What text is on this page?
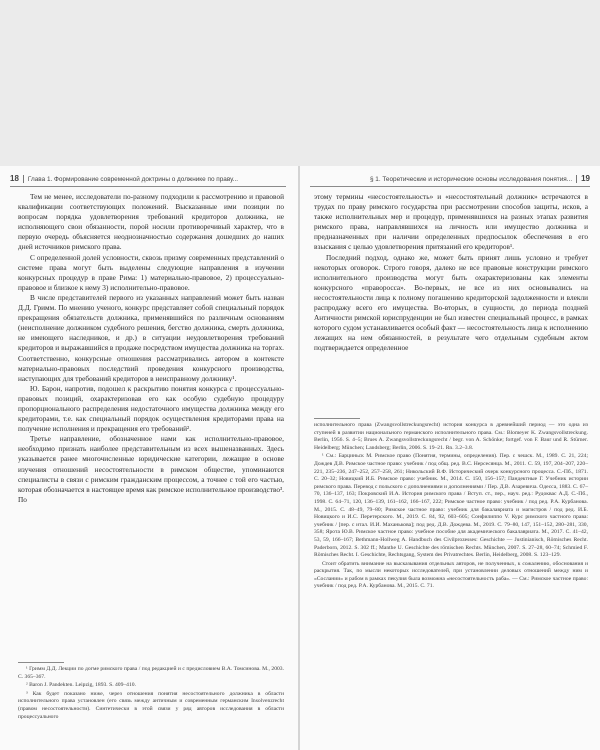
18 Глава 1. Формирование современной доктрины о должнике по праву...

Тем не менее, исследователи по-разному подходили к рассмотрению и правовой квалификации соответствующих положений. Высказанные ими позиции по вопросам порядка удовлетворения требований кредиторов должника, не исполняющего свои обязанности, порой носили противоречивый характер, что в первую очередь объясняется неоднозначностью содержания дошедших до наших дней источников римского права.

С определенной долей условности, сквозь призму современных представлений о системе права могут быть выделены следующие направления в изучении конкурсных процедур в праве Рима: 1) материально-правовое, 2) процессуально-правовое и близкое к нему 3) исполнительно-правовое.

В числе представителей первого из указанных направлений может быть назван Д.Д. Гримм. По мнению ученого, конкурс представляет собой специальный порядок прекращения обязательств должника, применявшийся по различным основаниям (неисполнение должником судебного решения, бегство должника, смерть должника, не имеющего наследников, и др.) в ситуации неудовлетворения требований кредиторов и выражавшийся в продаже посредством имущества должника на торгах. Соответственно, конкурсные отношения рассматривались автором в контексте материально-правовых последствий проведения конкурсного производства, наступающих для требований кредиторов в неисправному должнику¹.

Ю. Барон, напротив, подошел к раскрытию понятия конкурса с процессуально-правовых позиций, охарактеризовав его как особую судебную процедуру пропорционального распределения недостаточного имущества должника между его кредиторами, т.е. как специальный порядок осуществления кредиторами права на получение исполнения и прекращения его требований².

Третье направление, обозначенное нами как исполнительно-правовое, необходимо признать наиболее представительным из всех вышеназванных. Здесь указывается ранее многочисленные юридические категории, лежащие в основе изучения отношений несостоятельности в римском обществе, упоминаются специалисты в связи с римским гражданским процессом, а точнее с той его частью, которая обозначается в настоящее время как римское исполнительное производство³. По

¹ Гримм Д.Д. Лекции по догме римского права / под редакцией и с предисловием В.А. Томсинова. М., 2003. С. 365–367.

² Baron J. Pandekten. Leipzig, 1893. S. 409–410.

³ Как будет показано ниже, через отношения понятия несостоятельного должника в области исполнительного права установлен (его связь между античным и современным германским Insolvenzrecht (правом несостоятельности). Синтетически в этой связи у ряд авторов исследования в области процессуального

§ 1. Теоретические и исторические основы исследования понятия... 19

этому термины «несостоятельность» и «несостоятельный должник» встречаются в трудах по праву римского государства при рассмотрении способов защиты, исков, а также исполнительных мер и процедур, применявшихся на разных этапах развития римского права, направлявшихся на личность или имущество должника и предназначенных при наличии определенных предпосылок обеспечения в его взыскания с целью удовлетворения притязаний его кредиторов¹.

Последний подход, однако же, может быть принят лишь условно и требует некоторых оговорок. Строго говоря, далеко не все правовые конструкции римского исполнительного производства могут быть охарактеризованы как элементы конкурсного «праворосса». Во-первых, не все из них основывались на несостоятельности лица к полному погашению кредиторской задолженности и влекли распродажу всего его имущества. Во-вторых, в сущности, до периода поздней Античности римской юриспруденции не был известен специальный процесс, в рамках которого судом устанавливается особый факт — несостоятельность лица к исполнению лежащих на нем обязанностей, в результате чего отдельным судебным актом подтверждается определенное

исполнительного права (Zwangsvollstreckungsrecht) история конкурса в древнейший период — это одна из ступеней в развитии национального германского исполнительного права. См.: Blomeyer K. Zwangsvollstreckung. Berlin, 1956. S. 4–5; Brues A. Zwangsvollstreckungsrecht / begr. von A. Schönke; fortgef. von F. Baur und R. Stürner. Heidelberg; München; Landsberg; Berlin, 2006. S. 19–21. Rn. 3.2–3.8.

¹ См.: Барциньск М. Римское право (Понятия, термины, определения). Пер. с чешск. М., 1989. С. 21, 224; Дождев Д.В. Римское частное право: учебник / под общ. ред. В.С. Нерсесянца. М., 2011. С. 59, 197, 204–207, 220–221, 235–236, 247–252, 257–258, 261; Никольский В.Ф. Исторический очерк конкурсного процесса. С.-Пб., 1871. С. 20–32; Новицкий И.Б. Римское право: учебник. М., 2014. С. 150, 156–157; Пандектные Г. Учебник истории римского права. Перевод с польского с дополнениями и дополнениями / Пер. Д.В. Азаревича. Одесса, 1883. С. 67–70, 136–137, 163; Покровский И.А. История римского права / Вступ. ст., пер., науч. ред.: Рудоквас А.Д. С.-Пб., 1998. С. 64–71, 120, 136–139, 161–162, 166–167, 222; Римское частное право: учебник / под ред. Р.А. Курбанова. М., 2015. С. 48–49, 79–80; Римское частное право: учебник для бакалавриата и магистров / под ред. И.Б. Новицкого и И.С. Перетерского. М., 2019. С. 84, 92, 603–605; Сонфилиппо V. Курс римского частного права: учебник / [пер. с итал. И.И. Маханькова]; под ред. Д.В. Дождева. М., 2019. С. 79–80, 147, 151–152, 280–281, 330, 358; Ярота Ю.В. Римское частное право: учебное пособие для академического бакалавриата. М., 2017. С. 41–42, 53, 59, 166–167; Bethmann-Hollweg A. Handbuch des Civilprozesses: Geschichte — Justinianisch, Römisches Recht. Paderborn, 2012. S. 302 ff.; Manthe U. Geschichte des römischen Rechts. München, 2007. S. 27–28, 60–74; Schmied F. Römisches Recht. I. Geschichte, Rechtsgang, System des Privatrechtes. Berlin, Heidelberg, 2008. S. 123–129.

Стоит обратить внимание на высказывания отдельных авторов, не полученных, к сожалению, обоснования и раскрытия. Так, по мысли некоторых исследователей, при установлении деловых отношений между ним и «Сослании» и рабом в рамках пекулия была возможна «несостоятельность раба». — См.: Римское частное право: учебник / под ред. Р.А. Курбанова. М., 2015. С. 71.
